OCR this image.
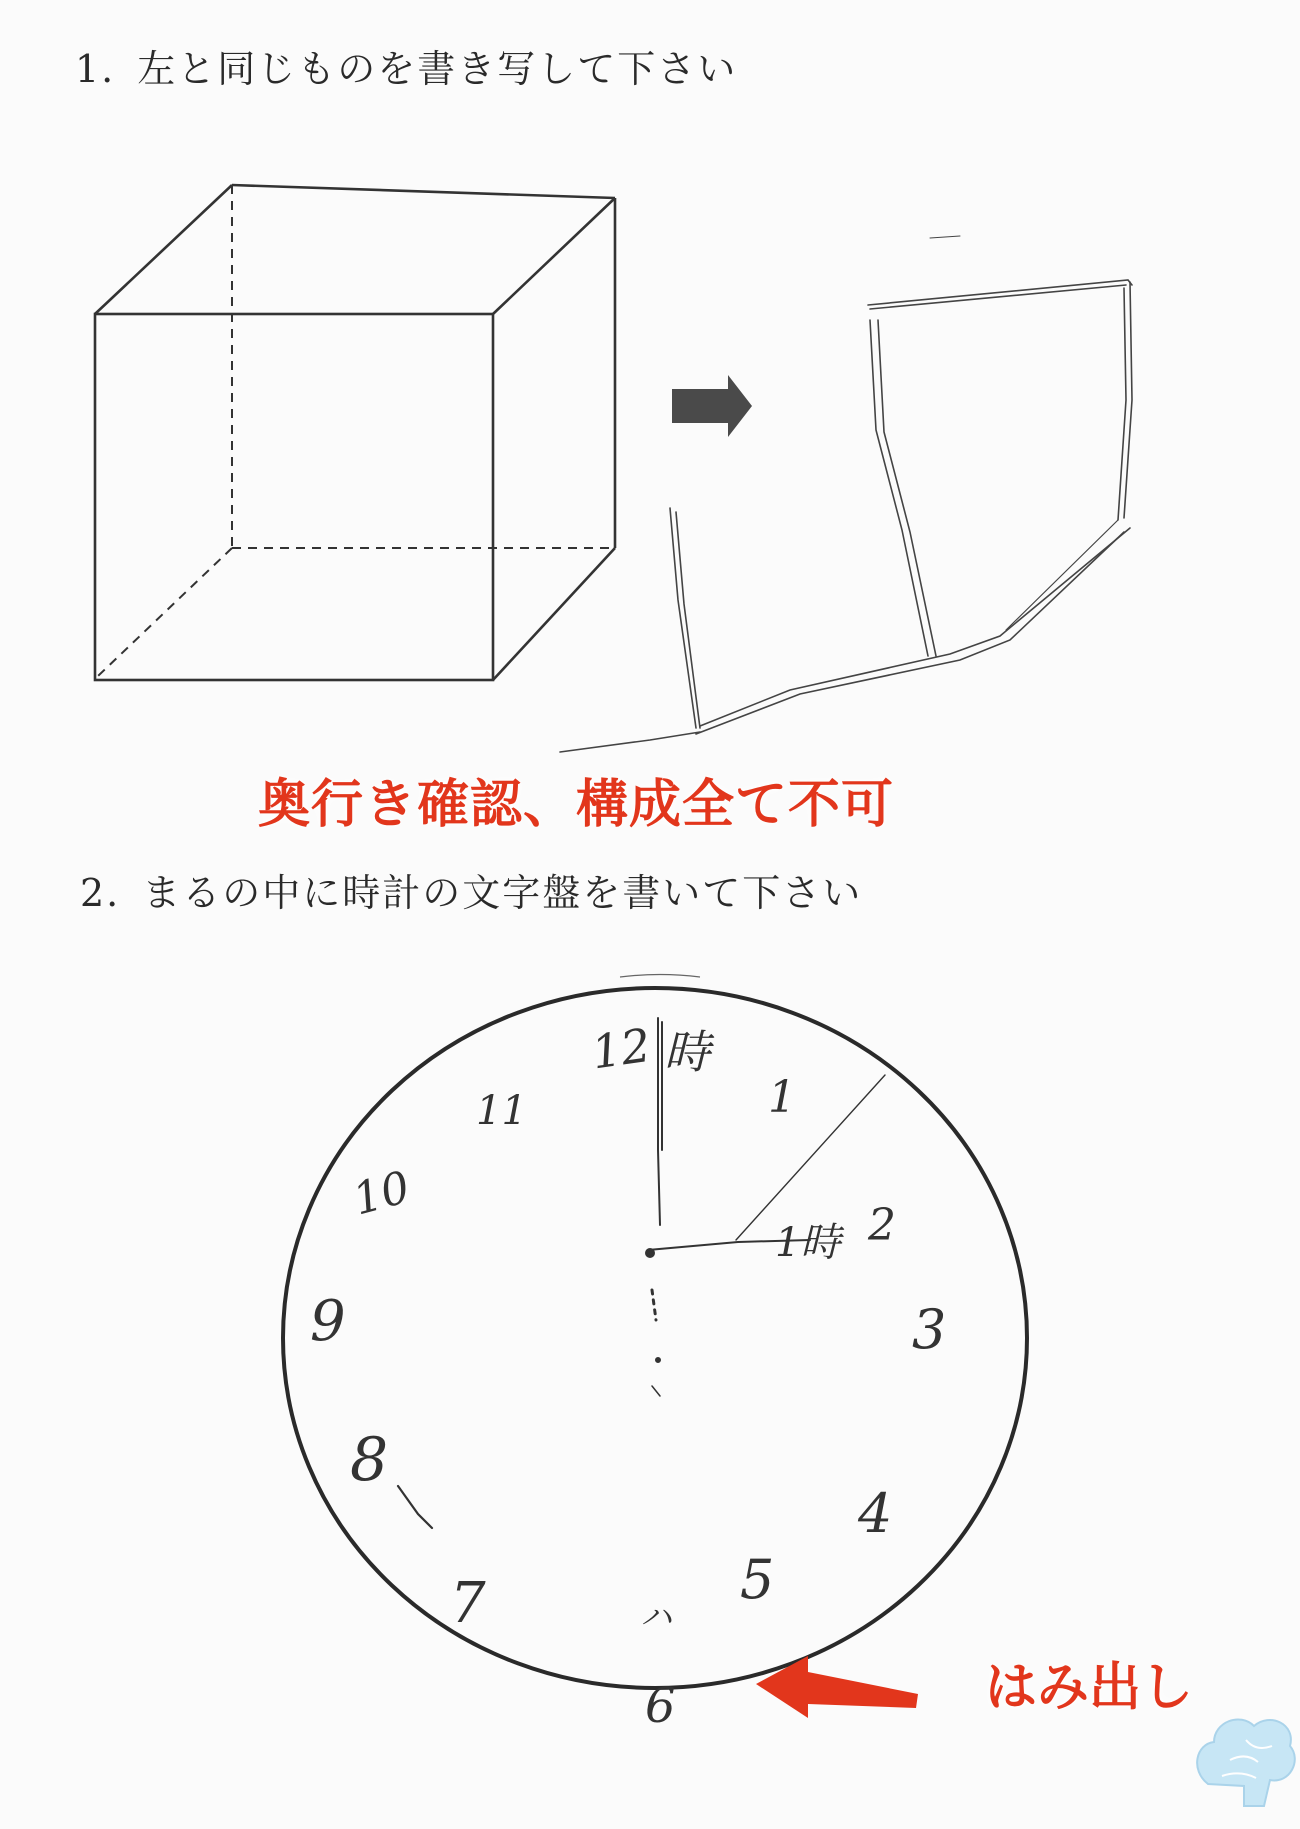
1. 左と同じものを書き写して下さい
12
1
2
3
4
5
6
7
8
9
10
11
時
1時
ハ
奥行き確認、構成全て不可
2. まるの中に時計の文字盤を書いて下さい
はみ出し
